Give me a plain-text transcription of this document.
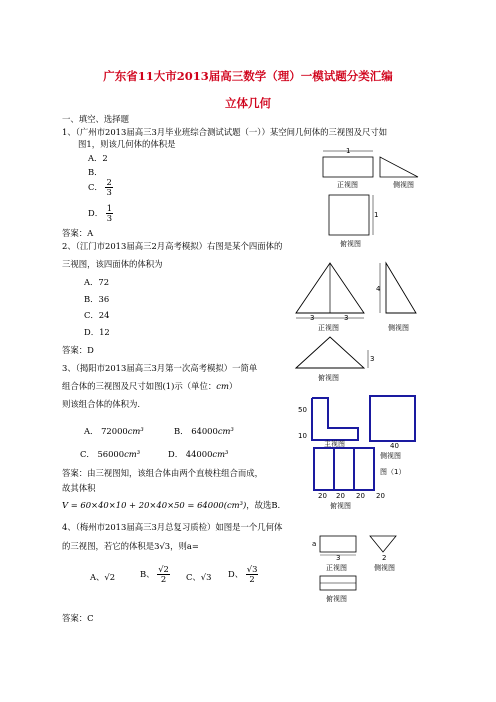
广东省11大市2013届高三数学（理）一模试题分类汇编
立体几何
一、填空、选择题
1、（广州市2013届高三3月毕业班综合测试试题（一））某空间几何体的三视图及尺寸如
图1，则该几何体的体积是
A．2
B．
C． $\frac{2}{3}$
D． $\frac{1}{3}$
答案：A
1
正视图	侧视图
1
俯视图
2、（江门市2013届高三2月高考模拟）右图是某个四面体的
三视图，该四面体的体积为
A．72
B．36
C．24
D．12
答案：D
3	3
正视图
4
侧视图
3
俯视图
3、（揭阳市2013届高三3月第一次高考模拟）一简单
组合体的三视图及尺寸如图(1)示（单位：cm）
则该组合体的体积为.
A． 72000cm³	B． 64000cm³
C． 56000cm³	D． 44000cm³
答案：由三视图知，该组合体由两个直棱柱组合而成，
故其体积
V = 60×40×10 + 20×40×50 = 64000(cm³)，故选B.
50
10
主视图	40
侧视图
图（1）
20 20 20 20
俯视图
4、（梅州市2013届高三3月总复习质检）如图是一个几何体
的三视图，若它的体积是3√3，则a=
A、√2	B、 $\frac{√2}{2}$ C、√3 D、 $\frac{√3}{2}$
答案：C
3
a
正视图
2
侧视图
俯视图
